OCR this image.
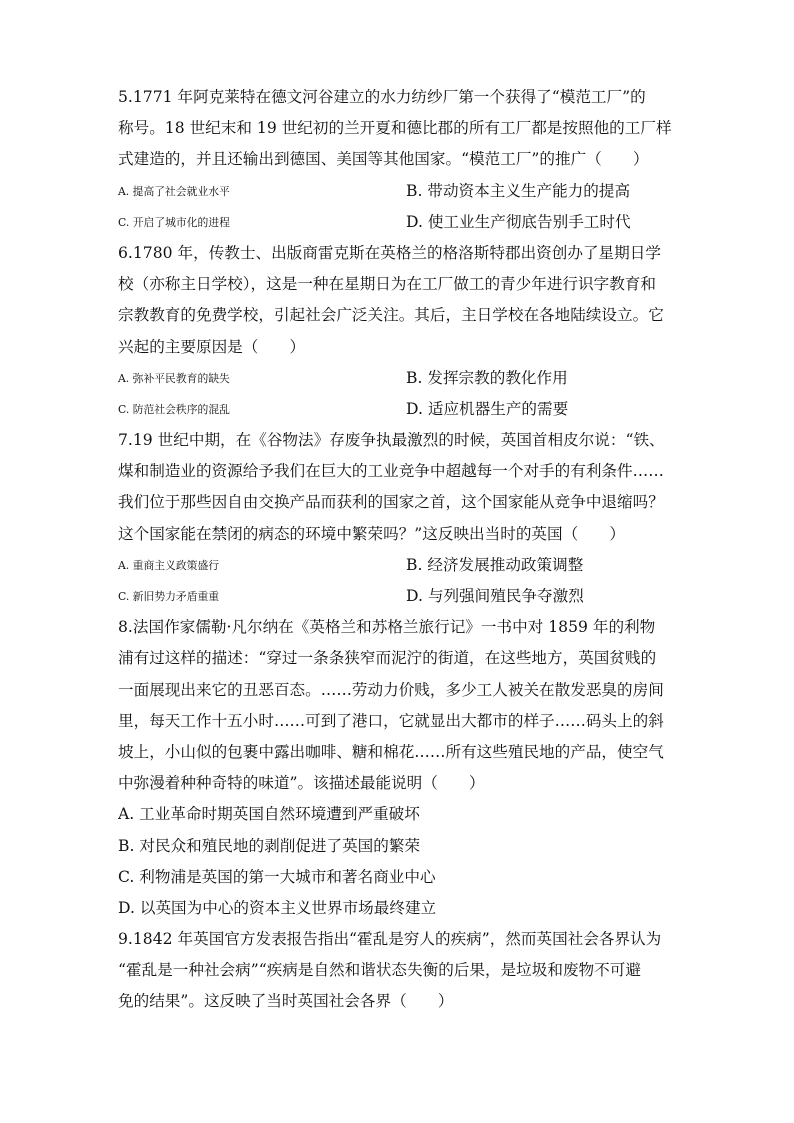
5.1771 年阿克莱特在德文河谷建立的水力纺纱厂第一个获得了“模范工厂”的
称号。18 世纪末和 19 世纪初的兰开夏和德比郡的所有工厂都是按照他的工厂样
式建造的，并且还输出到德国、美国等其他国家。“模范工厂”的推广（　　）
A. 提高了社会就业水平	B. 带动资本主义生产能力的提高
C. 开启了城市化的进程	D. 使工业生产彻底告别手工时代
6.1780 年，传教士、出版商雷克斯在英格兰的格洛斯特郡出资创办了星期日学
校（亦称主日学校），这是一种在星期日为在工厂做工的青少年进行识字教育和
宗教教育的免费学校，引起社会广泛关注。其后，主日学校在各地陆续设立。它
兴起的主要原因是（　　）
A. 弥补平民教育的缺失	B. 发挥宗教的教化作用
C. 防范社会秩序的混乱	D. 适应机器生产的需要
7.19 世纪中期，在《谷物法》存废争执最激烈的时候，英国首相皮尔说：“铁、
煤和制造业的资源给予我们在巨大的工业竞争中超越每一个对手的有利条件……
我们位于那些因自由交换产品而获利的国家之首，这个国家能从竞争中退缩吗？
这个国家能在禁闭的病态的环境中繁荣吗？”这反映出当时的英国（　　）
A. 重商主义政策盛行	B. 经济发展推动政策调整
C. 新旧势力矛盾重重	D. 与列强间殖民争夺激烈
8.法国作家儒勒·凡尔纳在《英格兰和苏格兰旅行记》一书中对 1859 年的利物
浦有过这样的描述：“穿过一条条狭窄而泥泞的街道，在这些地方，英国贫贱的
一面展现出来它的丑恶百态。……劳动力价贱，多少工人被关在散发恶臭的房间
里，每天工作十五小时……可到了港口，它就显出大都市的样子……码头上的斜
坡上，小山似的包裹中露出咖啡、糖和棉花……所有这些殖民地的产品，使空气
中弥漫着种种奇特的味道”。该描述最能说明（　　）
A. 工业革命时期英国自然环境遭到严重破坏
B. 对民众和殖民地的剥削促进了英国的繁荣
C. 利物浦是英国的第一大城市和著名商业中心
D. 以英国为中心的资本主义世界市场最终建立
9.1842 年英国官方发表报告指出“霍乱是穷人的疾病”，然而英国社会各界认为
“霍乱是一种社会病”“疾病是自然和谐状态失衡的后果，是垃圾和废物不可避
免的结果”。这反映了当时英国社会各界（　　）
